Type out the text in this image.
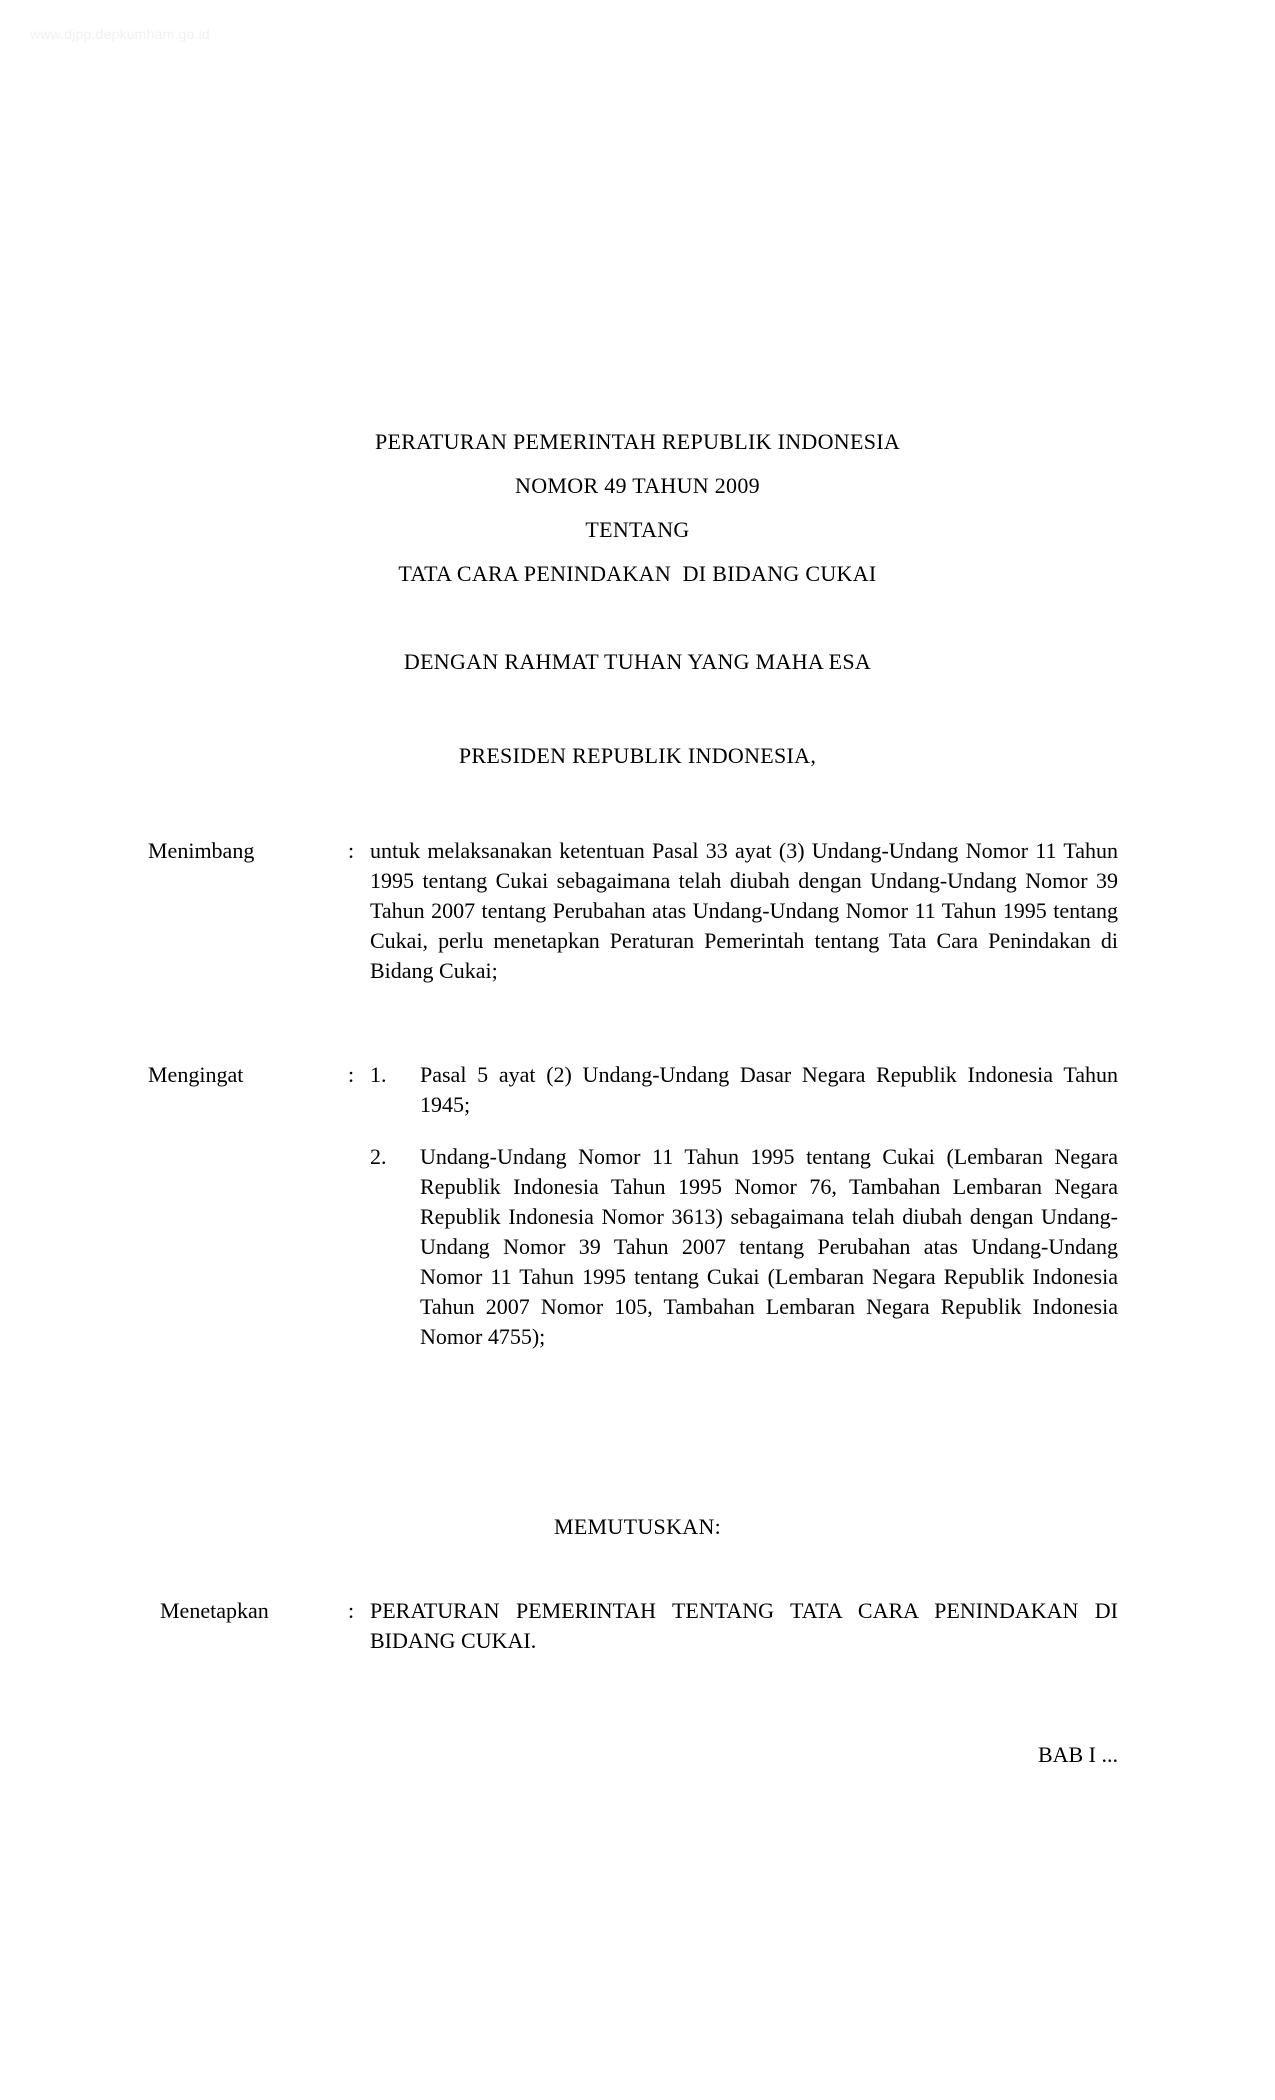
www.djpp.depkumham.go.id
PERATURAN PEMERINTAH REPUBLIK INDONESIA
NOMOR 49 TAHUN 2009
TENTANG
TATA CARA PENINDAKAN  DI BIDANG CUKAI
DENGAN RAHMAT TUHAN YANG MAHA ESA
PRESIDEN REPUBLIK INDONESIA,
Menimbang	: untuk melaksanakan ketentuan Pasal 33 ayat (3) Undang-Undang Nomor 11 Tahun 1995 tentang Cukai sebagaimana telah diubah dengan Undang-Undang Nomor 39 Tahun 2007 tentang Perubahan atas Undang-Undang Nomor 11 Tahun 1995 tentang Cukai, perlu menetapkan Peraturan Pemerintah tentang Tata Cara Penindakan di Bidang Cukai;

Mengingat	: 1. Pasal 5 ayat (2) Undang-Undang Dasar Negara Republik Indonesia Tahun 1945;
2. Undang-Undang Nomor 11 Tahun 1995 tentang Cukai (Lembaran Negara Republik Indonesia Tahun 1995 Nomor 76, Tambahan Lembaran Negara Republik Indonesia Nomor 3613) sebagaimana telah diubah dengan Undang-Undang Nomor 39 Tahun 2007 tentang Perubahan atas Undang-Undang Nomor 11 Tahun 1995 tentang Cukai (Lembaran Negara Republik Indonesia Tahun 2007 Nomor 105, Tambahan Lembaran Negara Republik Indonesia Nomor 4755);
MEMUTUSKAN:
Menetapkan	: PERATURAN PEMERINTAH TENTANG TATA CARA PENINDAKAN DI BIDANG CUKAI.

BAB I ...
